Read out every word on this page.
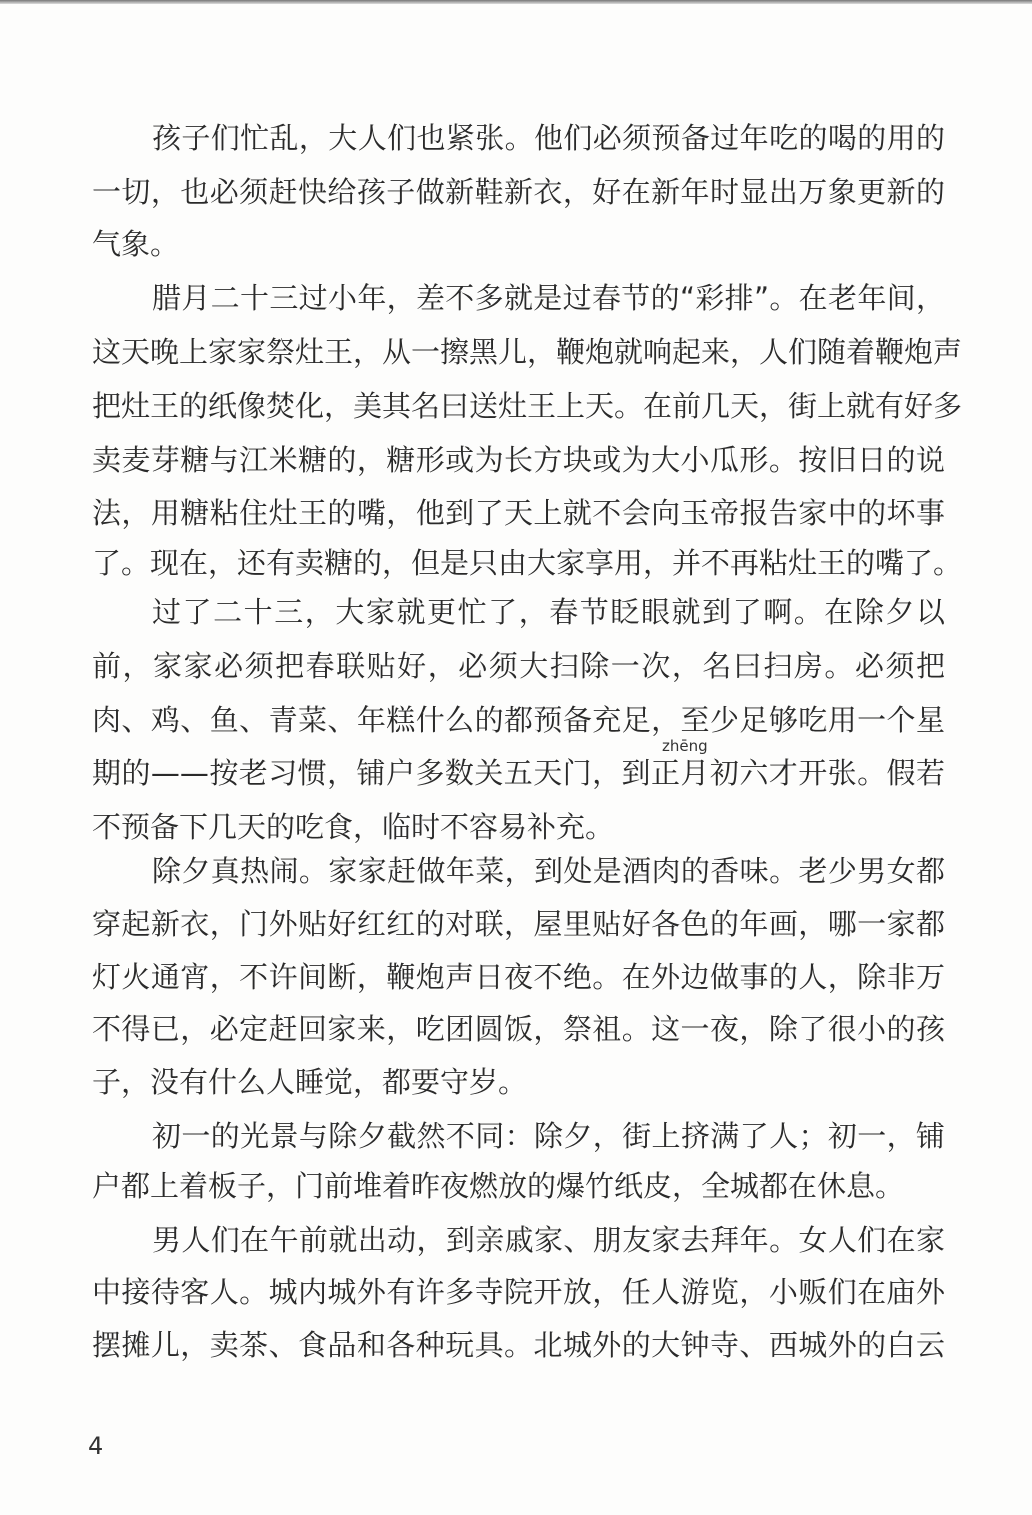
孩子们忙乱，大人们也紧张。他们必须预备过年吃的喝的用的
一切，也必须赶快给孩子做新鞋新衣，好在新年时显出万象更新的
气象。
腊月二十三过小年，差不多就是过春节的“彩排”。在老年间，
这天晚上家家祭灶王，从一擦黑儿，鞭炮就响起来，人们随着鞭炮声
把灶王的纸像焚化，美其名曰送灶王上天。在前几天，街上就有好多
卖麦芽糖与江米糖的，糖形或为长方块或为大小瓜形。按旧日的说
法，用糖粘住灶王的嘴，他到了天上就不会向玉帝报告家中的坏事
了。现在，还有卖糖的，但是只由大家享用，并不再粘灶王的嘴了。
过了二十三，大家就更忙了，春节眨眼就到了啊。在除夕以
前，家家必须把春联贴好，必须大扫除一次，名曰扫房。必须把
肉、鸡、鱼、青菜、年糕什么的都预备充足，至少足够吃用一个星
期的——按老习惯，铺户多数关五天门，到正月初六才开张。假若
不预备下几天的吃食，临时不容易补充。
除夕真热闹。家家赶做年菜，到处是酒肉的香味。老少男女都
穿起新衣，门外贴好红红的对联，屋里贴好各色的年画，哪一家都
灯火通宵，不许间断，鞭炮声日夜不绝。在外边做事的人，除非万
不得已，必定赶回家来，吃团圆饭，祭祖。这一夜，除了很小的孩
子，没有什么人睡觉，都要守岁。
初一的光景与除夕截然不同：除夕，街上挤满了人；初一，铺
户都上着板子，门前堆着昨夜燃放的爆竹纸皮，全城都在休息。
男人们在午前就出动，到亲戚家、朋友家去拜年。女人们在家
中接待客人。城内城外有许多寺院开放，任人游览，小贩们在庙外
摆摊儿，卖茶、食品和各种玩具。北城外的大钟寺、西城外的白云
zhēng
4
